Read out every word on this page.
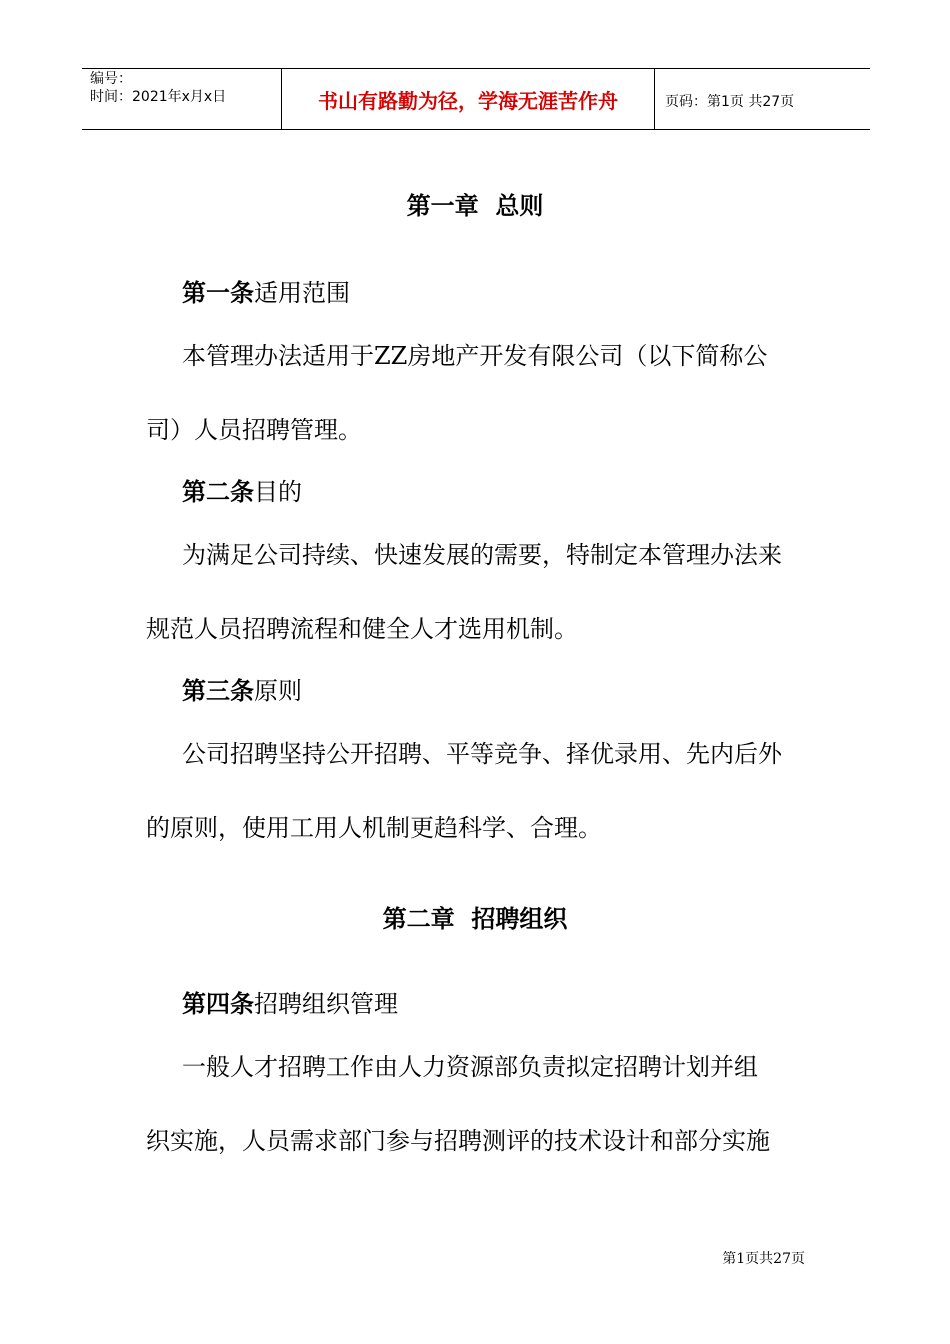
编号：
时间：2021年x月x日	书山有路勤为径，学海无涯苦作舟	页码：第1页 共27页
第一章  总则
第一条适用范围
本管理办法适用于ZZ房地产开发有限公司（以下简称公
司）人员招聘管理。
第二条目的
为满足公司持续、快速发展的需要，特制定本管理办法来
规范人员招聘流程和健全人才选用机制。
第三条原则
公司招聘坚持公开招聘、平等竞争、择优录用、先内后外
的原则，使用工用人机制更趋科学、合理。
第二章  招聘组织
第四条招聘组织管理
一般人才招聘工作由人力资源部负责拟定招聘计划并组
织实施，人员需求部门参与招聘测评的技术设计和部分实施
第1页共27页
